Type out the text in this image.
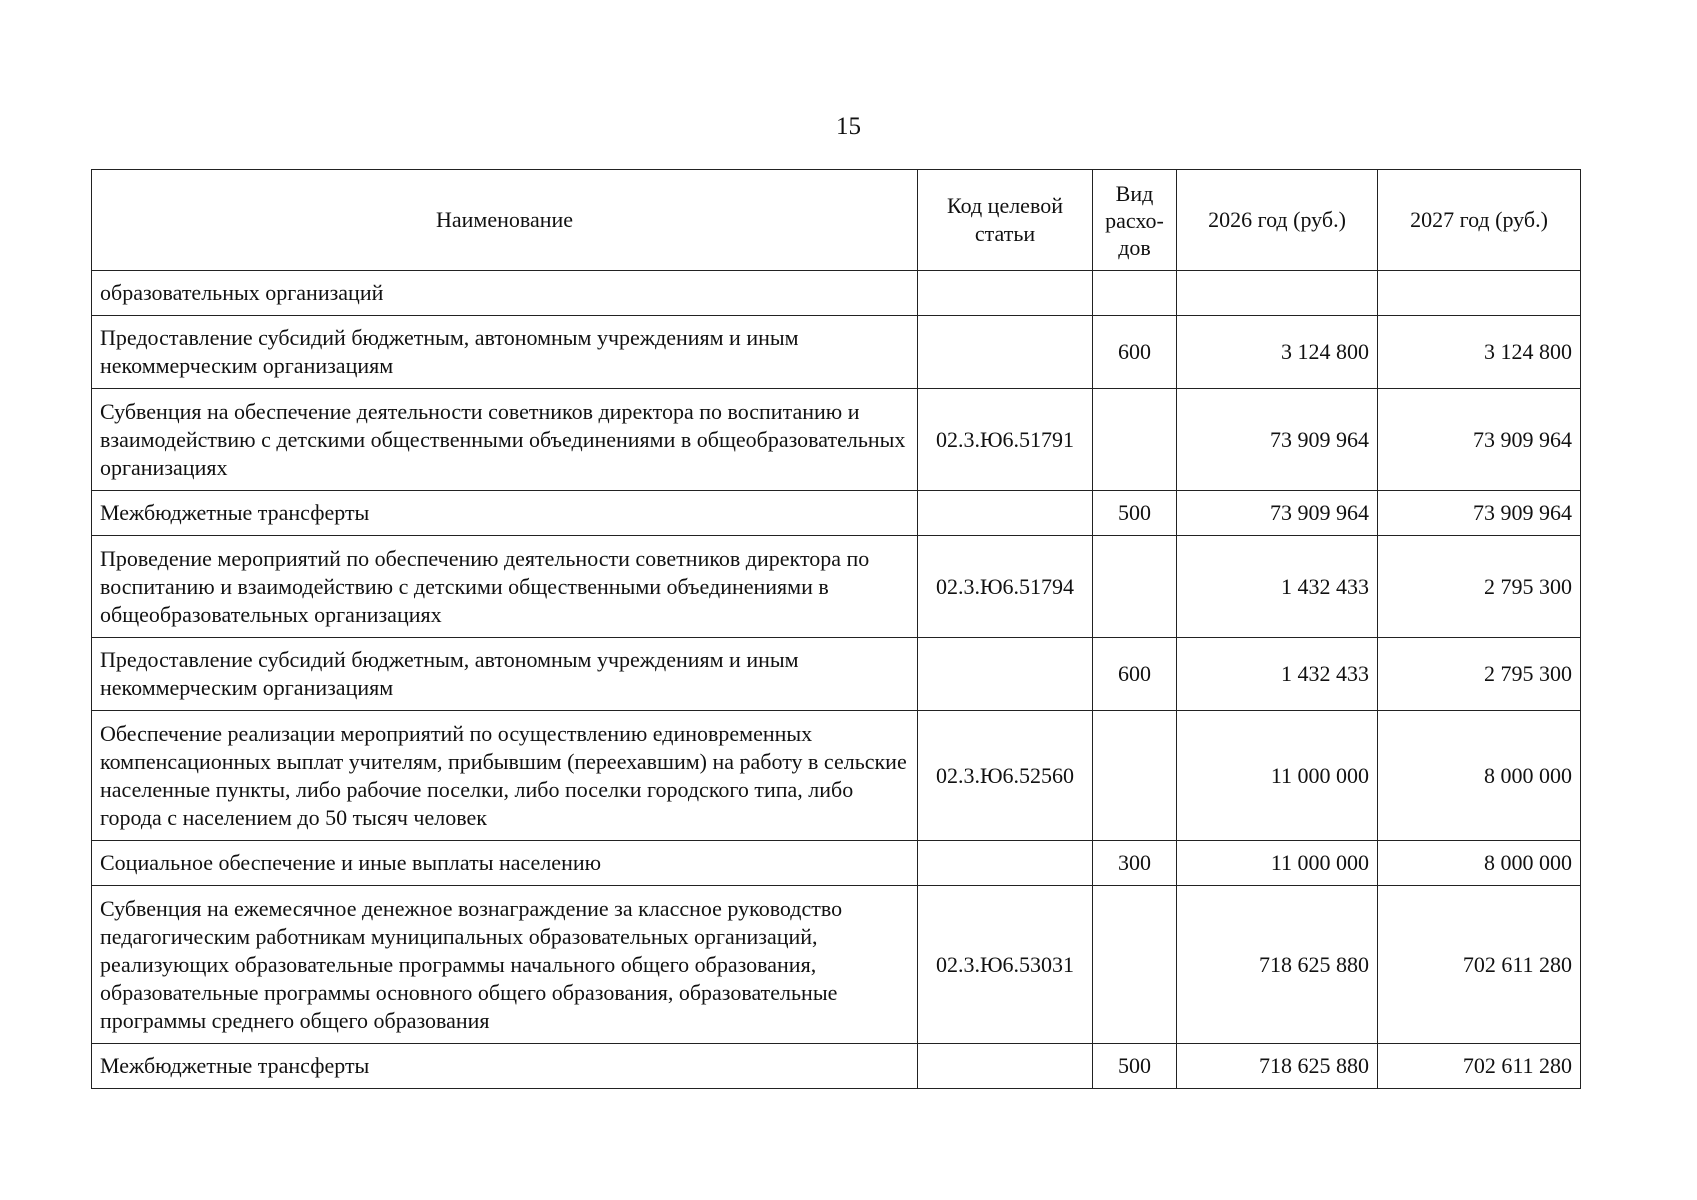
15
Наименование	Код целевой статьи	Вид расхо-дов	2026 год (руб.)	2027 год (руб.)
образовательных организаций				
Предоставление субсидий бюджетным, автономным учреждениям и иным некоммерческим организациям		600	3 124 800	3 124 800
Субвенция на обеспечение деятельности советников директора по воспитанию и взаимодействию с детскими общественными объединениями в общеобразовательных организациях	02.3.Ю6.51791		73 909 964	73 909 964
Межбюджетные трансферты		500	73 909 964	73 909 964
Проведение мероприятий по обеспечению деятельности советников директора по воспитанию и взаимодействию с детскими общественными объединениями в общеобразовательных организациях	02.3.Ю6.51794		1 432 433	2 795 300
Предоставление субсидий бюджетным, автономным учреждениям и иным некоммерческим организациям		600	1 432 433	2 795 300
Обеспечение реализации мероприятий по осуществлению единовременных компенсационных выплат учителям, прибывшим (переехавшим) на работу в сельские населенные пункты, либо рабочие поселки, либо поселки городского типа, либо города с населением до 50 тысяч человек	02.3.Ю6.52560		11 000 000	8 000 000
Социальное обеспечение и иные выплаты населению		300	11 000 000	8 000 000
Субвенция на ежемесячное денежное вознаграждение за классное руководство педагогическим работникам муниципальных образовательных организаций, реализующих образовательные программы начального общего образования, образовательные программы основного общего образования, образовательные программы среднего общего образования	02.3.Ю6.53031		718 625 880	702 611 280
Межбюджетные трансферты		500	718 625 880	702 611 280
